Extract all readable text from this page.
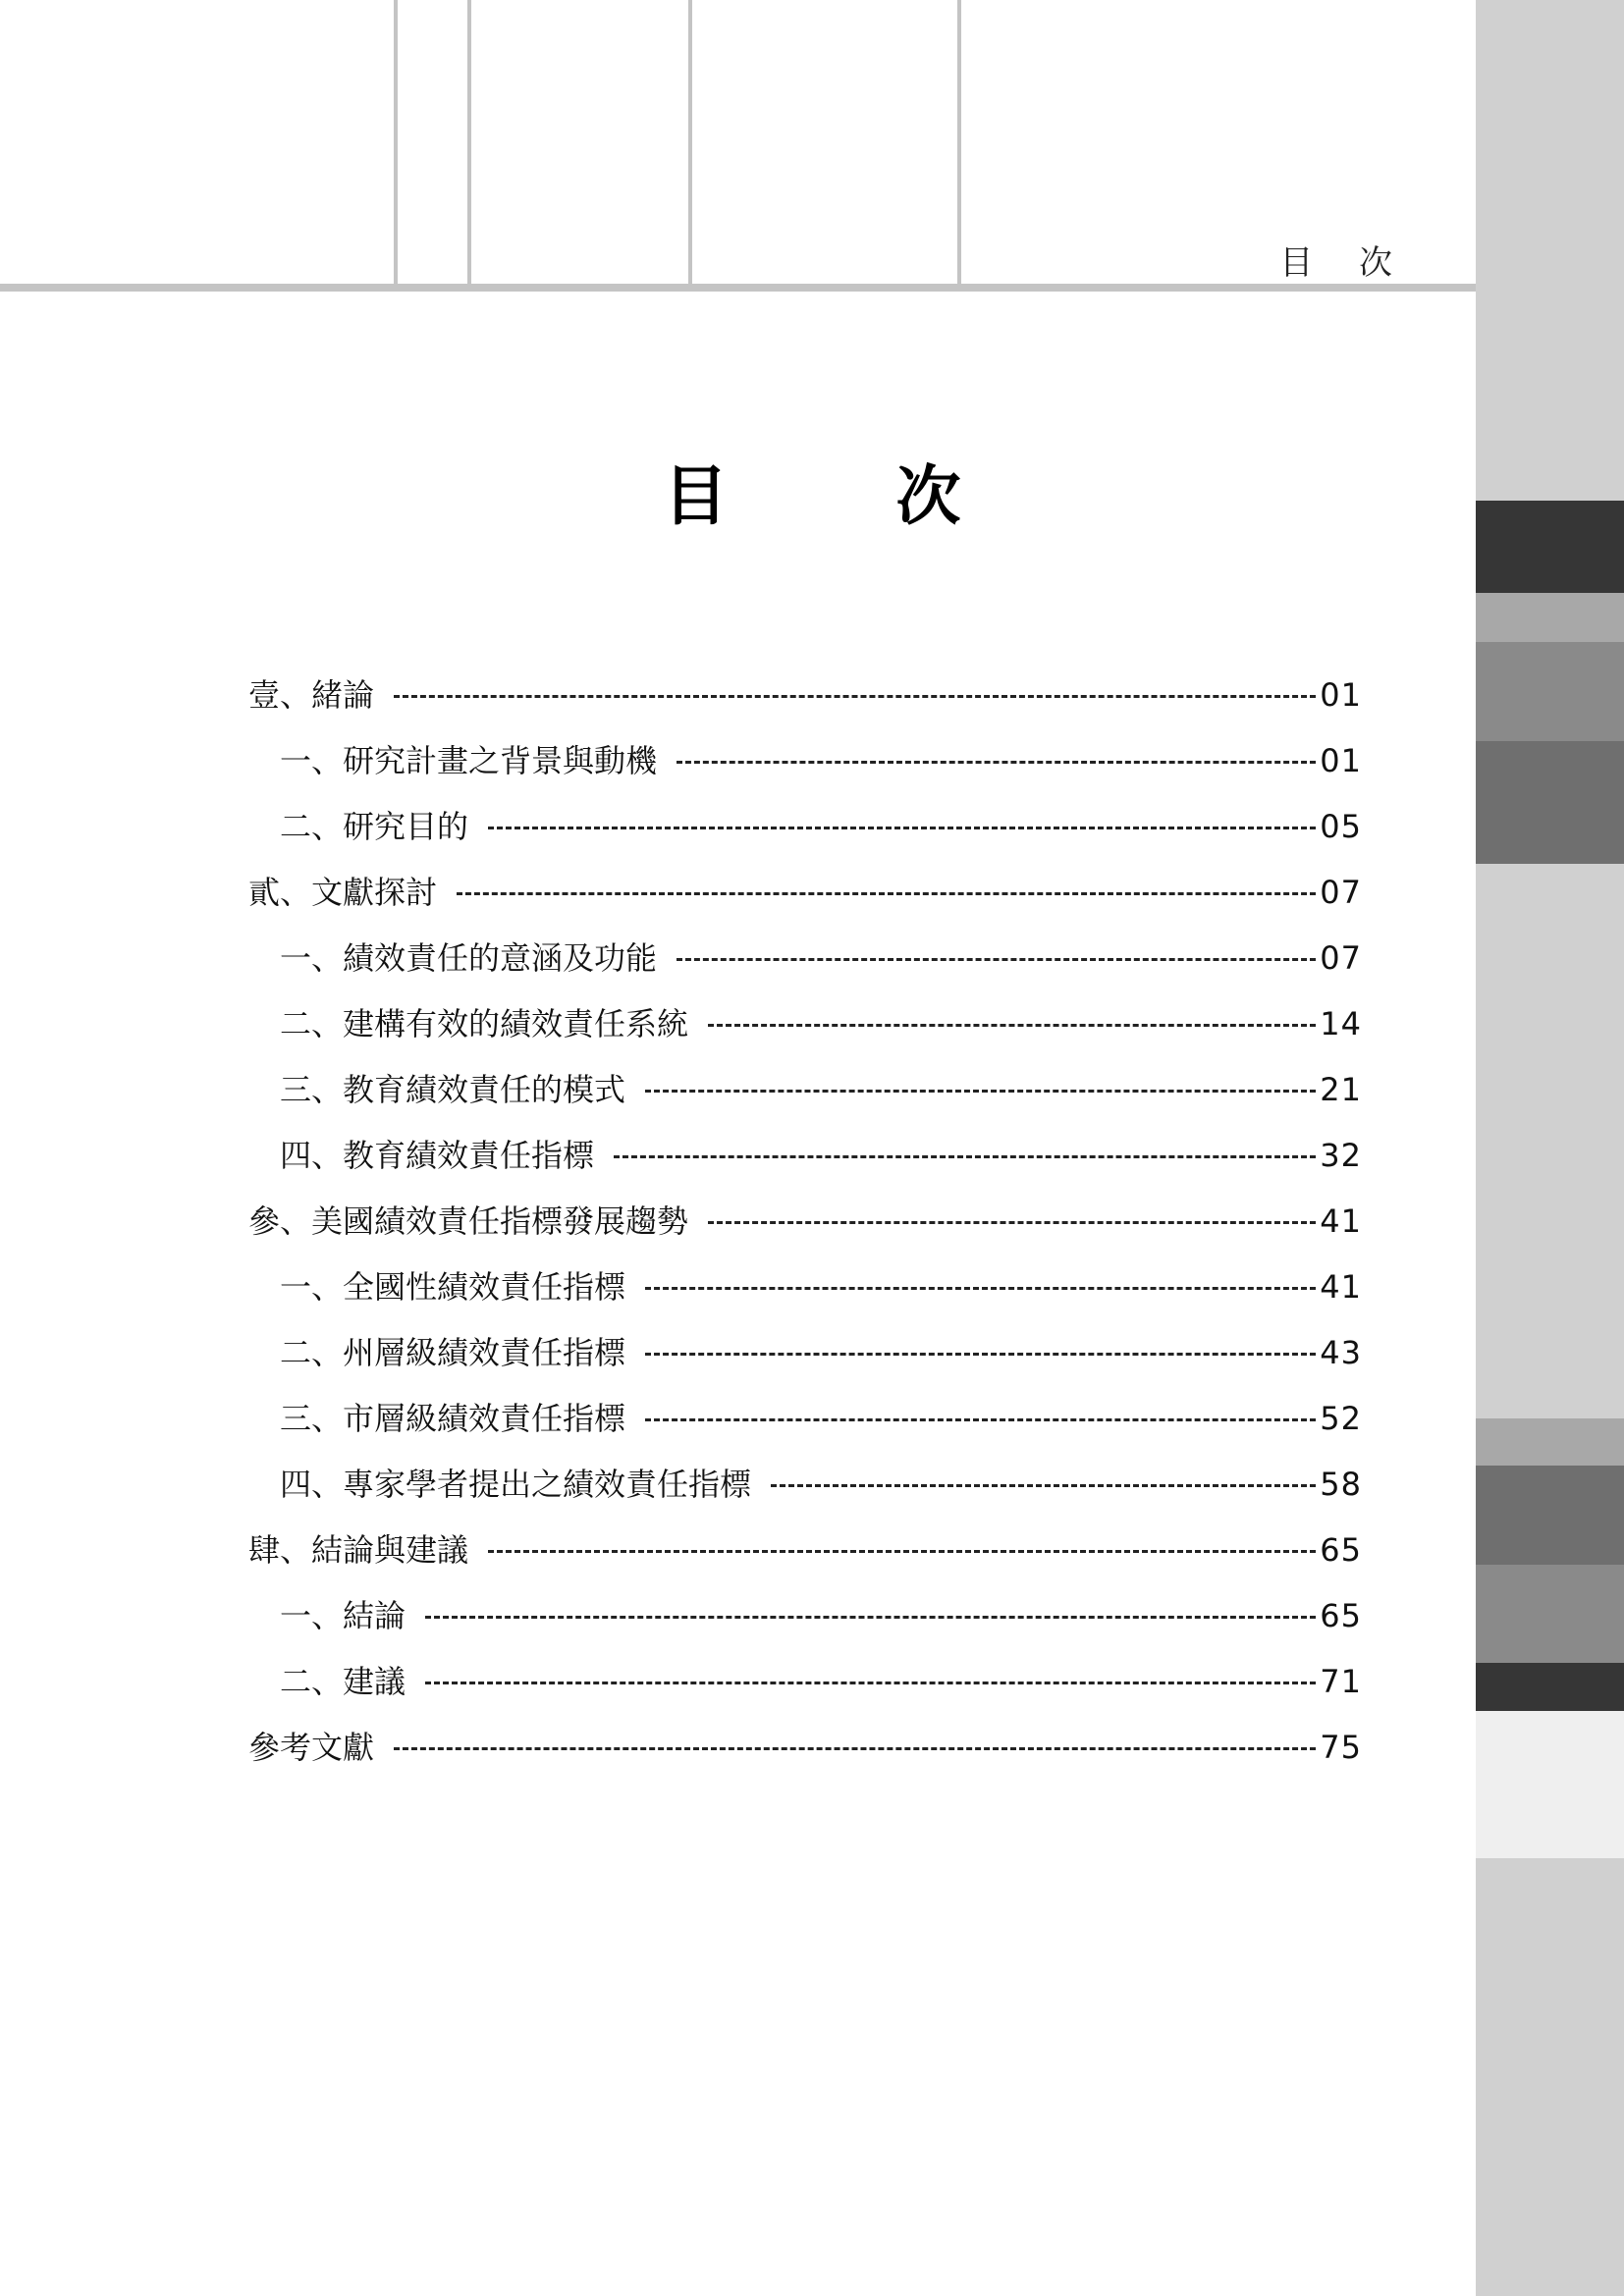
目 次
目 次
壹、緒論	01
一、研究計畫之背景與動機	01
二、研究目的	05
貳、文獻探討	07
一、績效責任的意涵及功能	07
二、建構有效的績效責任系統	14
三、教育績效責任的模式	21
四、教育績效責任指標	32
參、美國績效責任指標發展趨勢	41
一、全國性績效責任指標	41
二、州層級績效責任指標	43
三、市層級績效責任指標	52
四、專家學者提出之績效責任指標	58
肆、結論與建議	65
一、結論	65
二、建議	71
參考文獻	75
